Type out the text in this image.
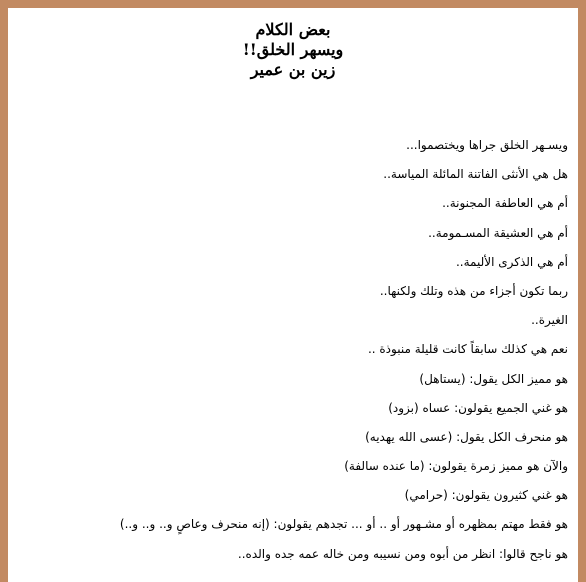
بعض الكلام
ويسهر الخلق!!
زين بن عمير
ويسـهر الخلق جراها ويختصموا...
هل هي الأنثى الفاتنة المائلة المياسة..
أم هي العاطفة المجنونة..
أم هي العشيقة المسـمومة..
أم هي الذكرى الأليمة..
ربما تكون أجزاء من هذه وتلك ولكنها..
الغيرة..
نعم هي كذلك سابقاً كانت قليلة منبوذة ..
هو مميز الكل يقول: (يستاهل)
هو غني الجميع يقولون: عساه (بزود)
هو منحرف الكل يقول: (عسى الله يهديه)
والآن هو مميز زمرة يقولون: (ما عنده سالفة)
هو غني كثيرون يقولون: (حرامي)
هو فقط مهتم بمظهره أو مشـهور أو .. أو ... تجدهم يقولون: (إنه منحرف وعاصٍ و.. و.. و..)
هو ناجح قالوا: انظر من أبوه ومن نسيبه ومن خاله عمه جده والده..
